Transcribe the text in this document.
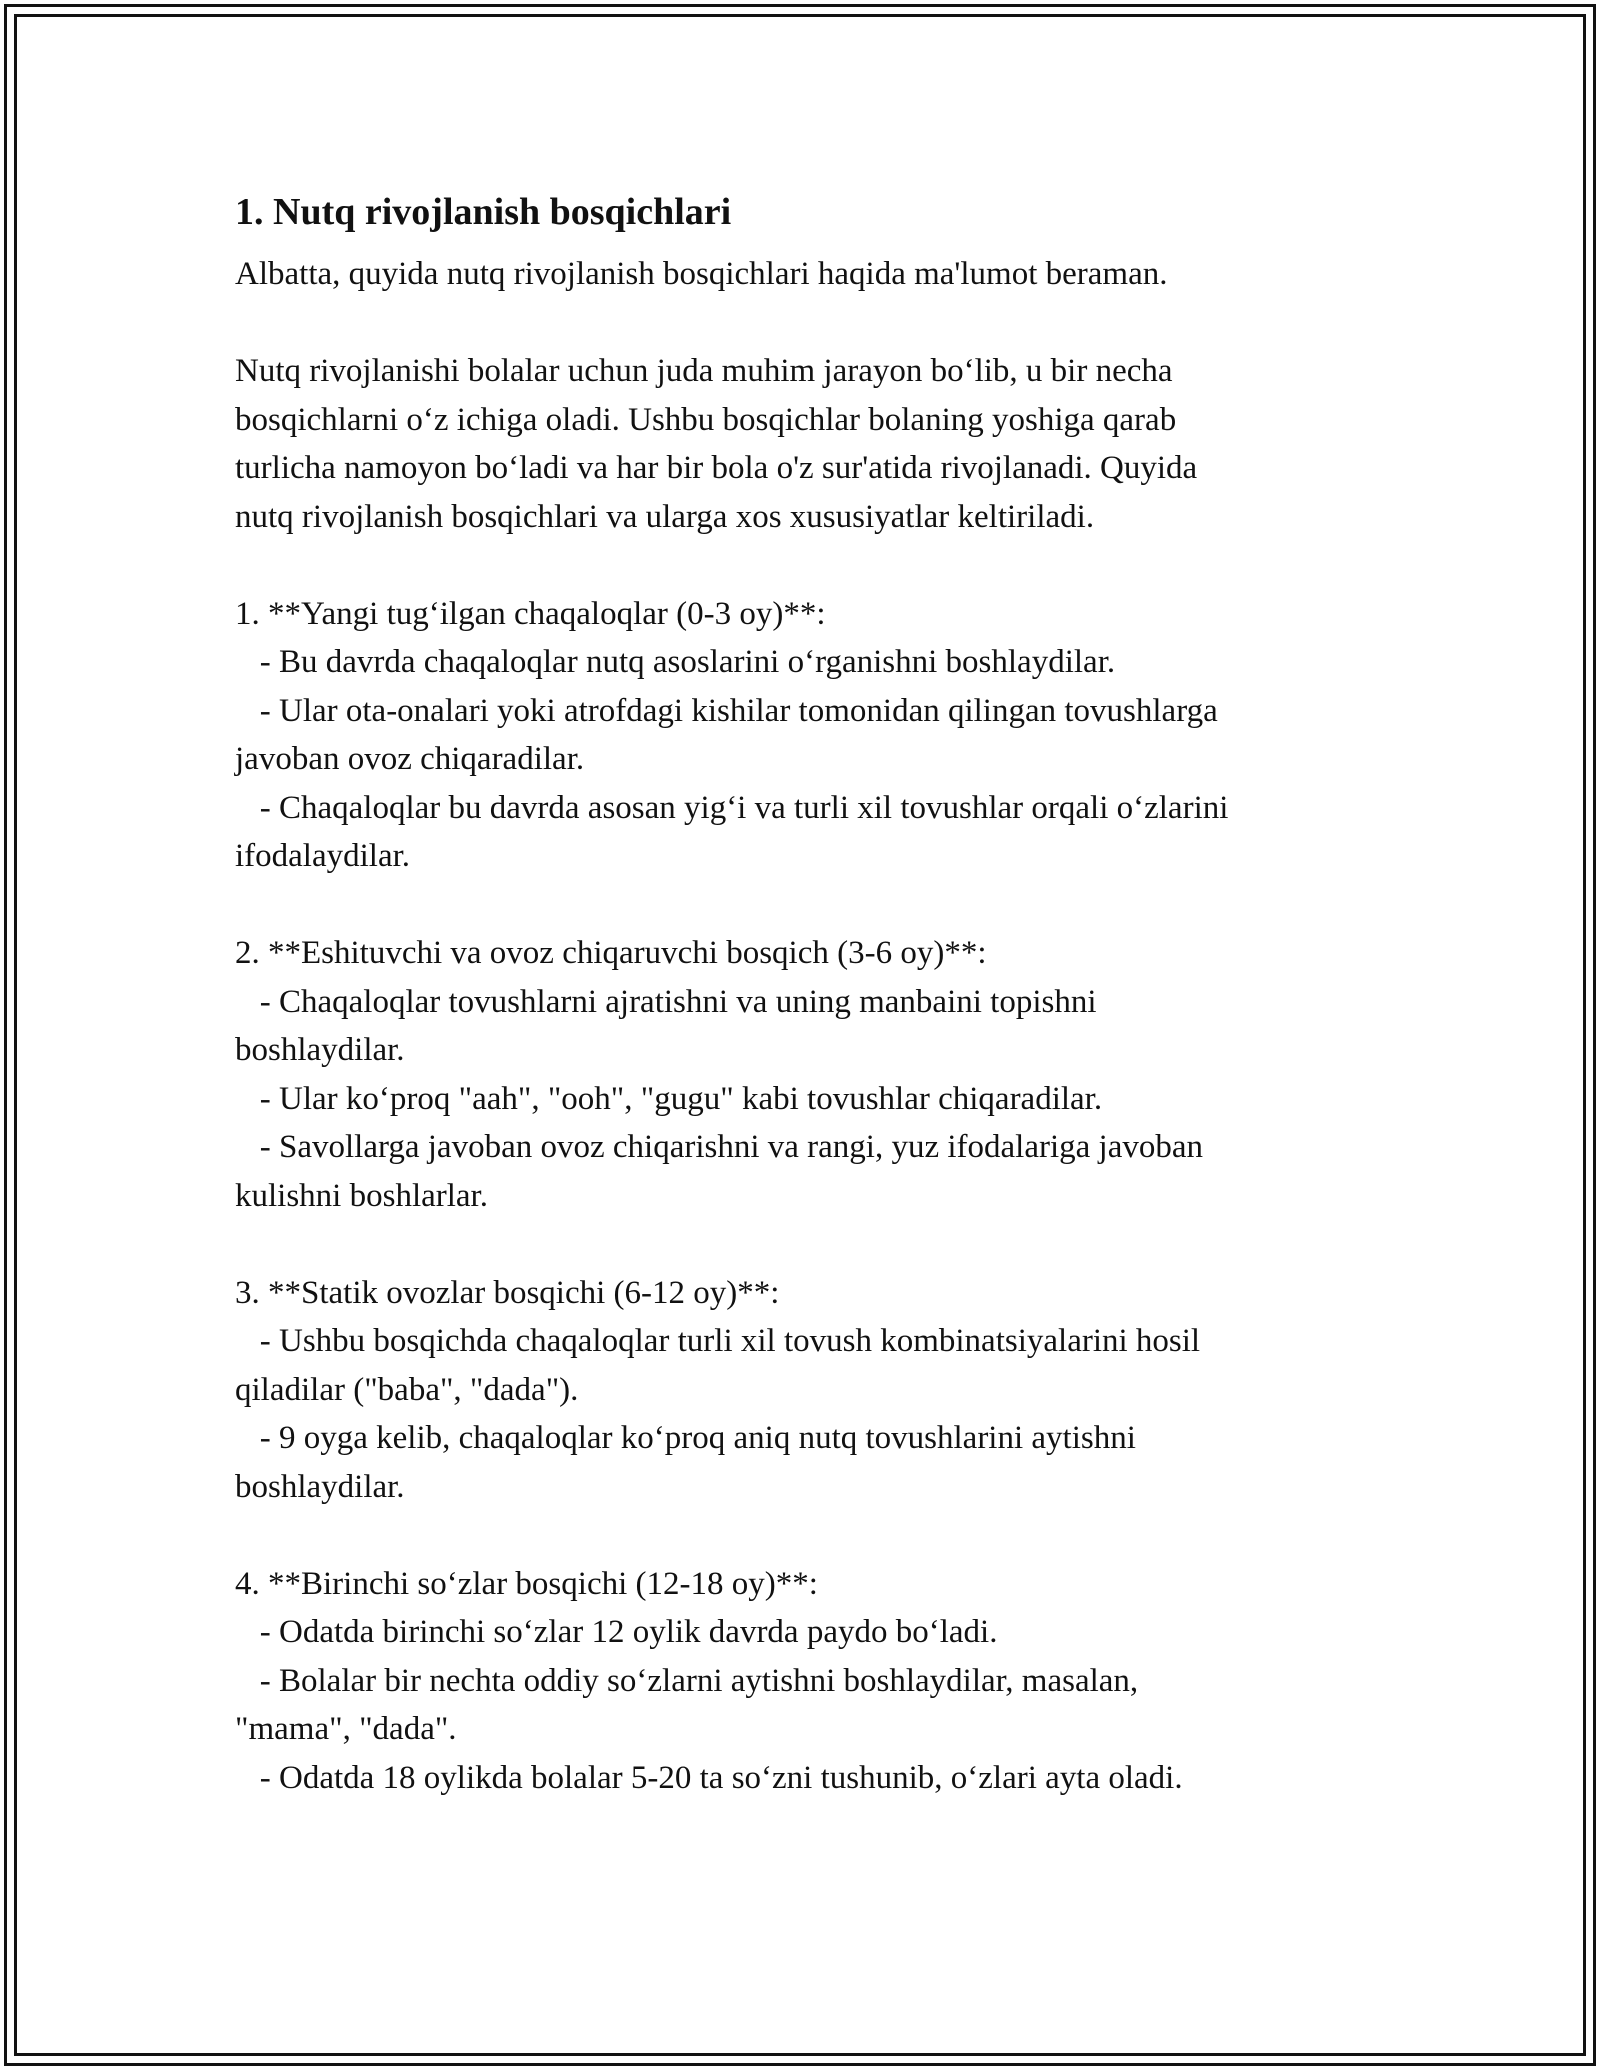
1. Nutq rivojlanish bosqichlari
Albatta, quyida nutq rivojlanish bosqichlari haqida ma'lumot beraman.
Nutq rivojlanishi bolalar uchun juda muhim jarayon bo‘lib, u bir necha
bosqichlarni o‘z ichiga oladi. Ushbu bosqichlar bolaning yoshiga qarab
turlicha namoyon bo‘ladi va har bir bola o'z sur'atida rivojlanadi. Quyida
nutq rivojlanish bosqichlari va ularga xos xususiyatlar keltiriladi.
1. **Yangi tug‘ilgan chaqaloqlar (0-3 oy)**:
- Bu davrda chaqaloqlar nutq asoslarini o‘rganishni boshlaydilar.
- Ular ota-onalari yoki atrofdagi kishilar tomonidan qilingan tovushlarga
javoban ovoz chiqaradilar.
- Chaqaloqlar bu davrda asosan yig‘i va turli xil tovushlar orqali o‘zlarini
ifodalaydilar.
2. **Eshituvchi va ovoz chiqaruvchi bosqich (3-6 oy)**:
- Chaqaloqlar tovushlarni ajratishni va uning manbaini topishni
boshlaydilar.
- Ular ko‘proq "aah", "ooh", "gugu" kabi tovushlar chiqaradilar.
- Savollarga javoban ovoz chiqarishni va rangi, yuz ifodalariga javoban
kulishni boshlarlar.
3. **Statik ovozlar bosqichi (6-12 oy)**:
- Ushbu bosqichda chaqaloqlar turli xil tovush kombinatsiyalarini hosil
qiladilar ("baba", "dada").
- 9 oyga kelib, chaqaloqlar ko‘proq aniq nutq tovushlarini aytishni
boshlaydilar.
4. **Birinchi so‘zlar bosqichi (12-18 oy)**:
- Odatda birinchi so‘zlar 12 oylik davrda paydo bo‘ladi.
- Bolalar bir nechta oddiy so‘zlarni aytishni boshlaydilar, masalan,
"mama", "dada".
- Odatda 18 oylikda bolalar 5-20 ta so‘zni tushunib, o‘zlari ayta oladi.
